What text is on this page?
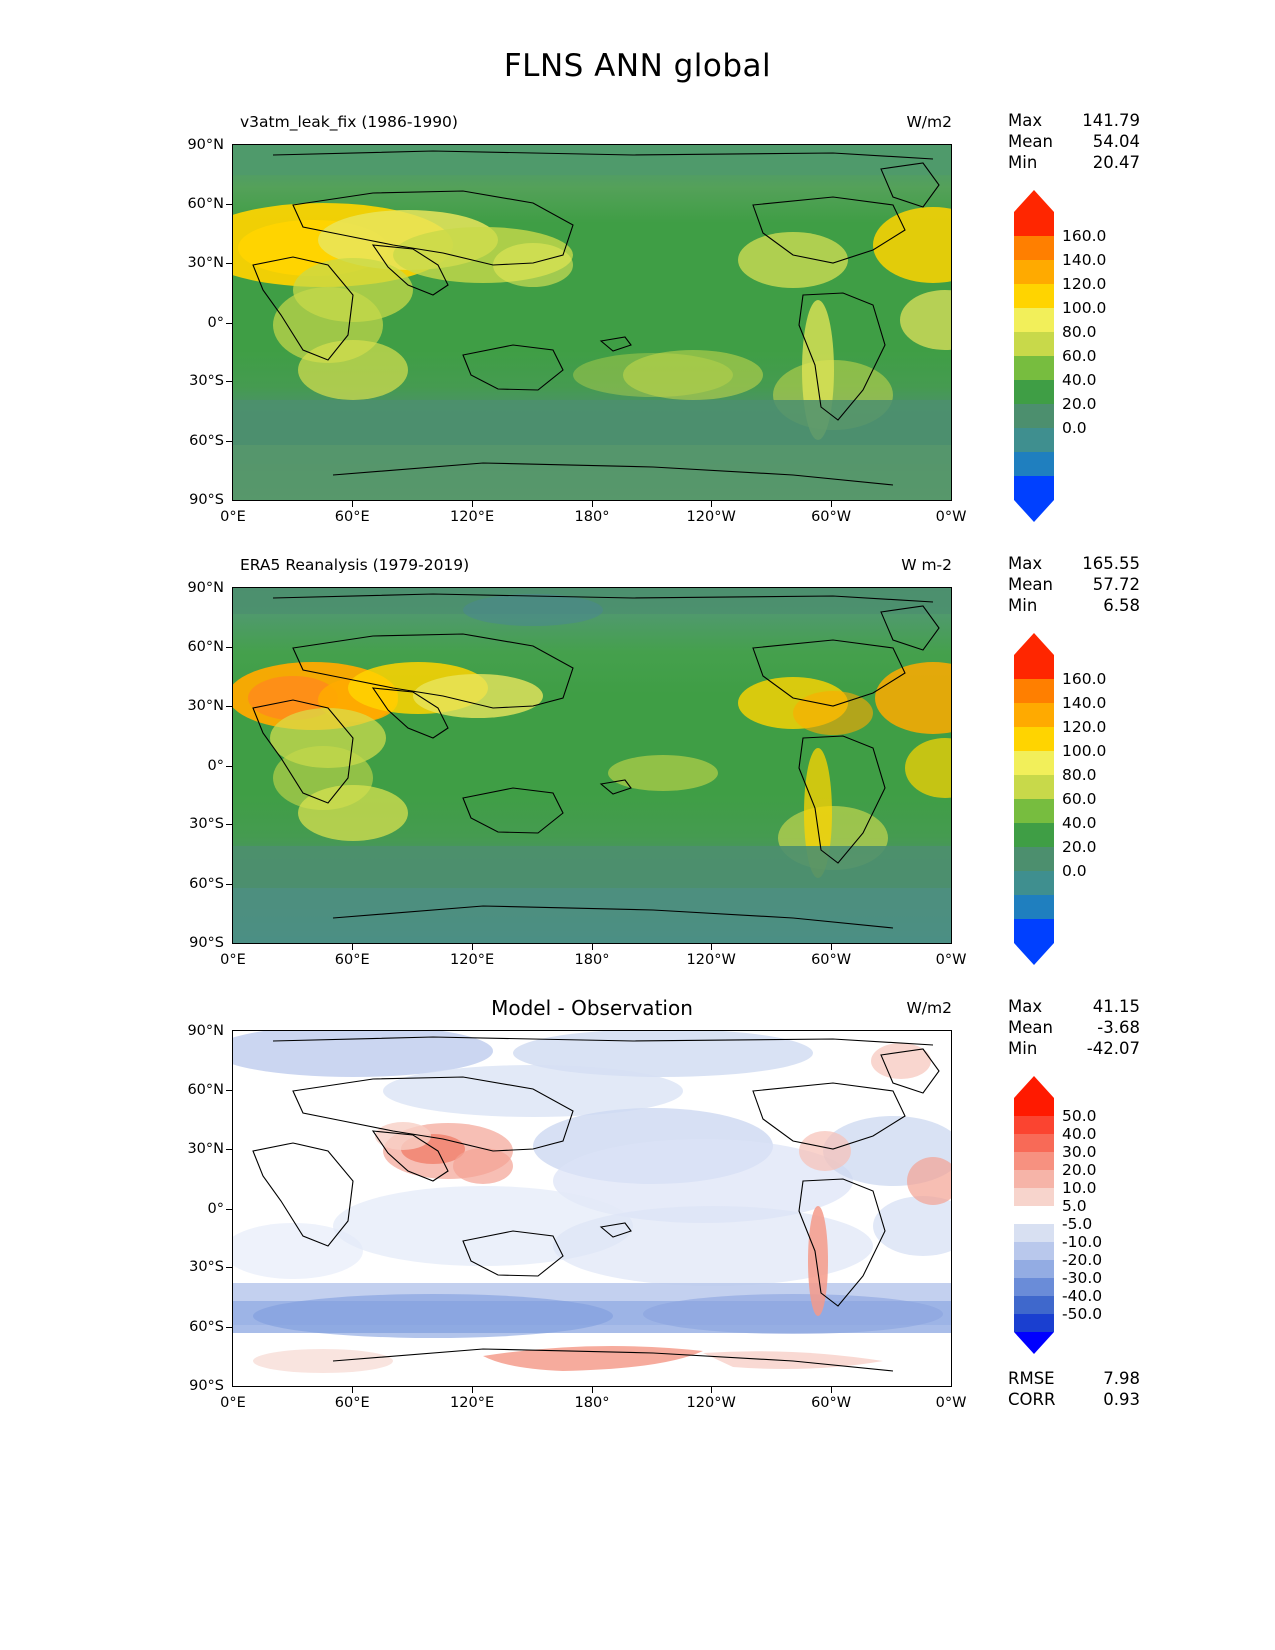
FLNS ANN global
v3atm_leak_fix (1986-1990)	W/m2
90°N
60°N
30°N
0°
30°S
60°S
90°S
0°E	60°E	120°E	180°	120°W	60°W	0°W
Max 141.79
Mean 54.04
Min	20.47
160.0
140.0
120.0
100.0
80.0
60.0
40.0
20.0
0.0
ERA5 Reanalysis (1979-2019)	W m-2
90°N
60°N
30°N
0°
30°S
60°S
90°S
0°E	60°E	120°E	180°	120°W	60°W	0°W
Max 165.55
Mean 57.72
Min	6.58
160.0
140.0
120.0
100.0
80.0
60.0
40.0
20.0
0.0
Model - Observation	W/m2
90°N
60°N
30°N
0°
30°S
60°S
90°S
0°E	60°E	120°E	180°	120°W	60°W	0°W
Max	41.15
Mean	-3.68
Min	-42.07
50.0
40.0
30.0
20.0
10.0
5.0
-5.0
-10.0
-20.0
-30.0
-40.0
-50.0
RMSE	7.98
CORR	0.93
